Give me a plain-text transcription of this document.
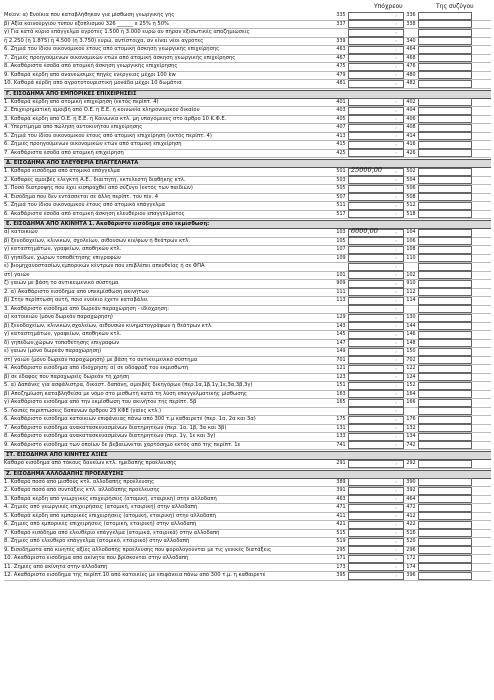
Υπόχρεου	Της συζύγου
Μείον: α) Ενοίκια που καταβλήθηκαν για μίσθωση γεωργικής γής	335	,	336
β) Αξία καινούργιου τύπου εξοπλισμού 326 ______ x 25% ή 50%	337	,	338
γ) Για κατά κύριο επάγγελμα αγρότες 1.500 ή 3.000 ευρώ αν πήραν εξισωτικές αποζημιώσεις	,
ή 2.250 (ή 1.875) ή 4.500 (ή 3.750) ευρώ, αντίστοιχα, αν είναι νέοι αγρότες	339	,	340
6. Ζημιά του ίδιου οικονομικού έτους από ατομική άσκηση γεωργικής επιχείρησης	463	,	464
7. Ζημιές προηγούμενων οικονομικών ετών από ατομική άσκηση γεωργικής επιχείρησης	467	,	468
8. Ακαθάριστα έσοδα από ατομική άσκηση γεωργικής επιχείρησης	475	,	476
9. Καθαρά κέρδη από ανανεώσιμες πηγές ενέργειας μέχρι 100 kw	479	,	480
10. Καθαρά κέρδη από αγροτοτουριστική μονάδα μέχρι 10 δωμάτια	481	,	482
Γ. ΕΙΣΟΔΗΜΑ ΑΠΟ ΕΜΠΟΡΙΚΕΣ ΕΠΙΧΕΙΡΗΣΕΙΣ
1. Καθαρά κέρδη από ατομική επιχείρηση (εκτός περίπτ. 4)	401	,	402
2. Επιχειρηματική αμοιβή από Ο.Ε. ή Ε.Ε. ή κοινωνία κληρονομικού δικαίου	403	,	404
3. Καθαρά κέρδη από Ο.Ε. ή Ε.Ε. ή Κοινωνία κτλ. μη υπαγόμενες στο άρθρο 10 Κ.Φ.Ε.	405	,	406
4. Υπερτίμημα από πώληση αυτοκινήτου επιχείρησης	407	,	408
5. Ζημιά του ίδιου οικονομικού έτους από ατομική επιχείρηση (εκτός περίπτ. 4)	413	,	414
6. Ζημιές προηγούμενων οικονομικών ετών από ατομική επιχείρηση	415	,	416
7. Ακαθάριστα έσοδα από ατομική επιχείρηση	425	,	426
Δ. ΕΙΣΟΔΗΜΑ ΑΠΟ ΕΛΕΥΘΕΡΙΑ ΕΠΑΓΓΕΛΜΑΤΑ
1. Καθαρό εισόδημα από ατομικό επάγγελμα	501 25000,00	,	502
2. Καθαρές αμοιβές ελεγκτή Α.Ε., διαιτητή, εκτελεστή διαθήκης κτλ.	503	,	504
3. Ποσό διατροφής που έχει εισπραχθεί από σύζυγο (εκτός των παιδιών)	505	,	506
4. Εισόδημα που δεν εντάσσεται σε άλλη περίπτ. του πίν. 4	507	,	508
5. Ζημιά του ίδιου οικονομικού έτους από ατομικό επάγγελμα	511	,	512
6. Ακαθάριστα έσοδα από ατομική άσκηση ελευθέριου επαγγέλματος	517	,	518
Ε. ΕΙΣΟΔΗΜΑ ΑΠΟ ΑΚΙΝΗΤΑ 1. Ακαθάριστο εισόδημα από εκμίσθωση:
α) κατοικιών	103 6000,00	,	104
β) ξενοδοχείων, κλινικών, σχολείων, αιθουσών κιν/φων ή θεάτρων κτλ.	105	,	106
γ) καταστημάτων, γραφείων, αποθηκών κτλ.	107	,	108
δ) γηπέδων, χώρων τοποθέτησης επιγραφών	109	,	110
ε) βιομηχανοστασίων,εμπορικών κέντρων που επιβλέπει απευθείας ή σε ΦΠΑ	,
στ) γαιών	101	,	102
ζ) γαιών με βάση το αντικειμενικό σύστημα	909	,	910
2. α) Ακαθάριστο εισόδημα από υπεκμίσθωση ακινήτων	111	,	112
β) Στην περίπτωση αυτή, ποιο ενοίκιο έχετε καταβάλει	113	,	114
3. Ακαθάριστο εισόδημα από δωρεάν παραχώρηση - ιδιόχρηση:	,
α) κατοικιών (μόνο δωρεάν παραχώρηση)	129	,	130
β) ξενοδοχείων, κλινικών,σχολείων, αιθουσών κινηματογράφων ή θεάτρων κτλ.	143	,	144
γ) καταστημάτων, γραφείων, αποθηκών κτλ.	145	,	146
δ) γηπέδων,χώρων τοποθέτησης επιγραφών	147	,	148
ε) γαιών (μόνο δωρεάν παραχώρηση)	149	,	150
στ) γαιών (μόνο δωρεάν παραχώρηση) με βάση το αντικειμενικό σύστημα	701	,	702
4. Ακαθάριστο εισόδημα από ιδιόχρηση: α) σε οδόφραξ του εκμισθωτή	121	,	122
β) σε έδαφος που παραχωρείς δωρεάν τη χρήση	123	,	124
5. α) Δαπάνες για ασφάλιστρα, δικαστ. δαπάνη, αμοιβές δικηγόρων (περ.1α,1β,1γ,1ε,3α,3β,3γ)	151	,	152
β) Αποζημίωση καταβληθείσα με νόμο στο μισθωτή κατά τη λύση επαγγελματικής μίσθωσης	163	,	164
γ) Ακαθάριστο εισόδημα από την εκμίσθωση του ακινήτου της περίπτ. 5β	165	,	166
5. Λοιπές περιπτώσεις δαπανών άρθρου 23 ΚΦΕ (γαίες κτλ.)	,
6. Ακαθάριστο εισόδημα κατοικιών επιφάνειας πάνω από 300 τ.μ καθαιρετέ (περ. 1α, 2α και 3α)	175	,	176
7. Ακαθάριστο εισόδημα ανακατασκευασμένων διατηρητέων (περ. 1α, 1β, 3α και 3β)	131	,	132
8. Ακαθάριστο εισόδημα ανακατασκευασμένων διατηρητέων (περ. 1γ, 1ε και 3γ)	133	,	134
9. Ακαθάριστο εισόδημα των οποίων δε βεβαιώνεται χαρτόσημο εκτός από της περίπτ. 1ε	741	,	742
ΣΤ. ΕΙΣΟΔΗΜΑ ΑΠΟ ΚΙΝΗΤΕΣ ΑΞΙΕΣ
Καθαρό εισόδημα από τόκους δανείων κτλ. ημεδαπής προέλευσης	291	,	292
Ζ. ΕΙΣΟΔΗΜΑ ΑΛΛΟΔΑΠΗΣ ΠΡΟΕΛΕΥΣΗΣ
1. Καθαρό ποσό από μισθούς κτλ. αλλοδαπής προέλευσης	389	,	390
2. Καθαρό ποσό από συντάξεις κτλ. αλλοδαπής προέλευσης	391	,	392
3. Καθαρά κέρδη από γεωργικές επιχειρήσεις (ατομική, εταιρική) στην αλλοδαπή	463	,	464
4. Ζημιές από γεωργικές επιχειρήσεις (ατομική, εταιρική) στην αλλοδαπή	471	,	472
5. Καθαρά κέρδη από εμπορικές επιχειρήσεις (ατομική, εταιρική) στην αλλοδαπή	411	,	412
6. Ζημιές από εμπορικές επιχειρήσεις (ατομική, εταιρική) στην αλλοδαπή	421	,	422
7. Καθαρό εισόδημα από ελευθέριο επάγγελμα (ατομικά, εταιρικά) στην αλλοδαπή	515	,	516
8. Ζημιές από ελεύθερο επάγγελμα (ατομικό, εταιρικό) στην αλλοδαπή	519	,	520
9. Εισοδήματα από κινητές αξίες αλλοδαπής προέλευσης που φορολογούνται με τις γενικές διατάξεις	295	,	296
10. Ακαθάριστο εισόδημα από ακίνητα που βρίσκονται στην αλλοδαπή	171	,	172
11. Ζημιές από ακίνητα στην αλλοδαπή	173	,	174
12. Ακαθάριστο εισόδημα της περίπτ.10 από κατοικίες με επιφάνεια πάνω από 300 τ.μ. η καθαιρετέ	395	,	396
